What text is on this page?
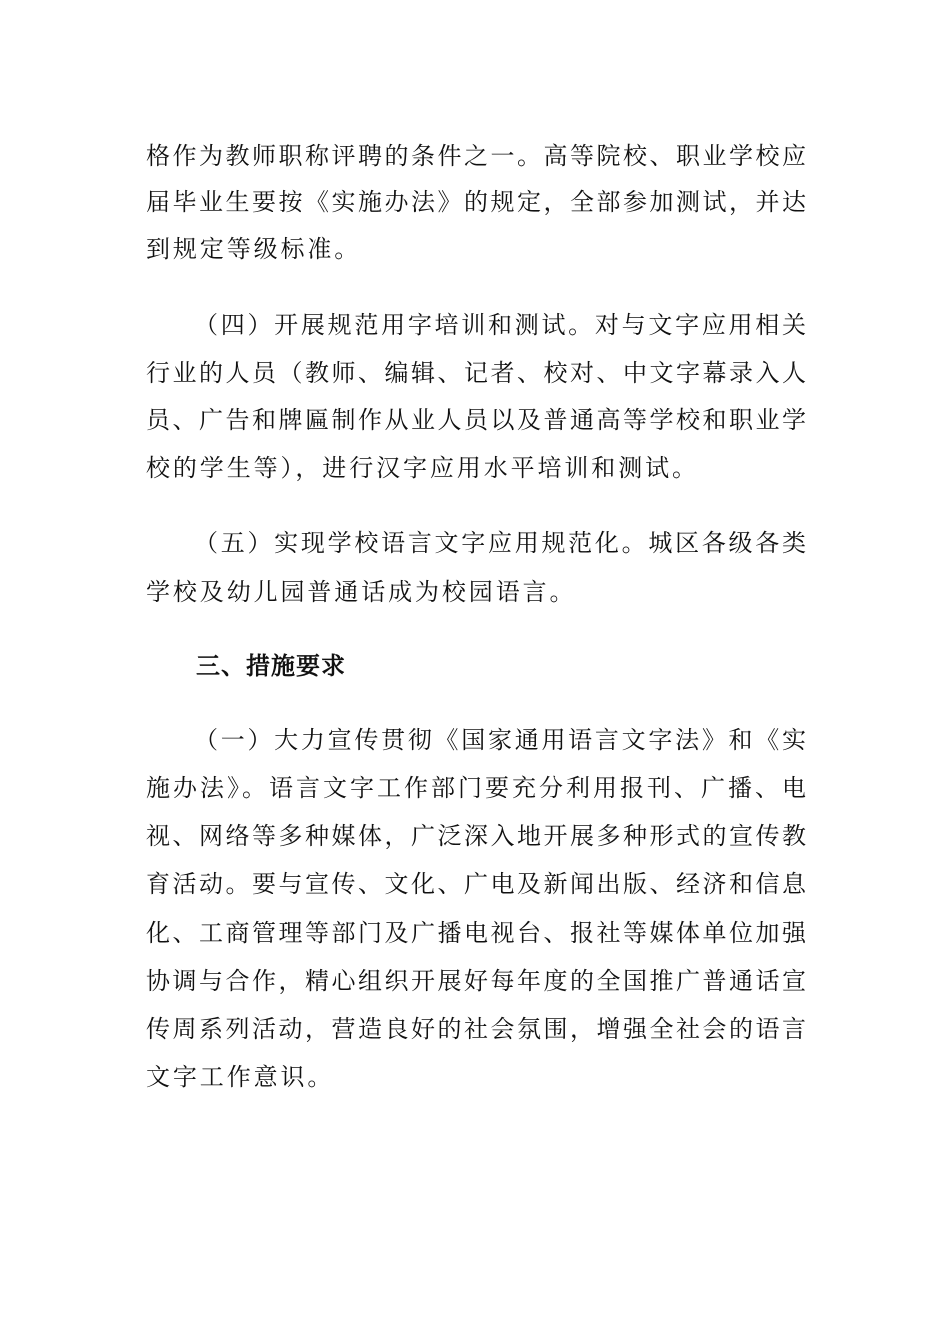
格作为教师职称评聘的条件之一。高等院校、职业学校应
届毕业生要按《实施办法》的规定，全部参加测试，并达
到规定等级标准。
（四）开展规范用字培训和测试。对与文字应用相关
行业的人员（教师、编辑、记者、校对、中文字幕录入人
员、广告和牌匾制作从业人员以及普通高等学校和职业学
校的学生等），进行汉字应用水平培训和测试。
（五）实现学校语言文字应用规范化。城区各级各类
学校及幼儿园普通话成为校园语言。
三、措施要求
（一）大力宣传贯彻《国家通用语言文字法》和《实
施办法》。语言文字工作部门要充分利用报刊、广播、电
视、网络等多种媒体，广泛深入地开展多种形式的宣传教
育活动。要与宣传、文化、广电及新闻出版、经济和信息
化、工商管理等部门及广播电视台、报社等媒体单位加强
协调与合作，精心组织开展好每年度的全国推广普通话宣
传周系列活动，营造良好的社会氛围，增强全社会的语言
文字工作意识。
